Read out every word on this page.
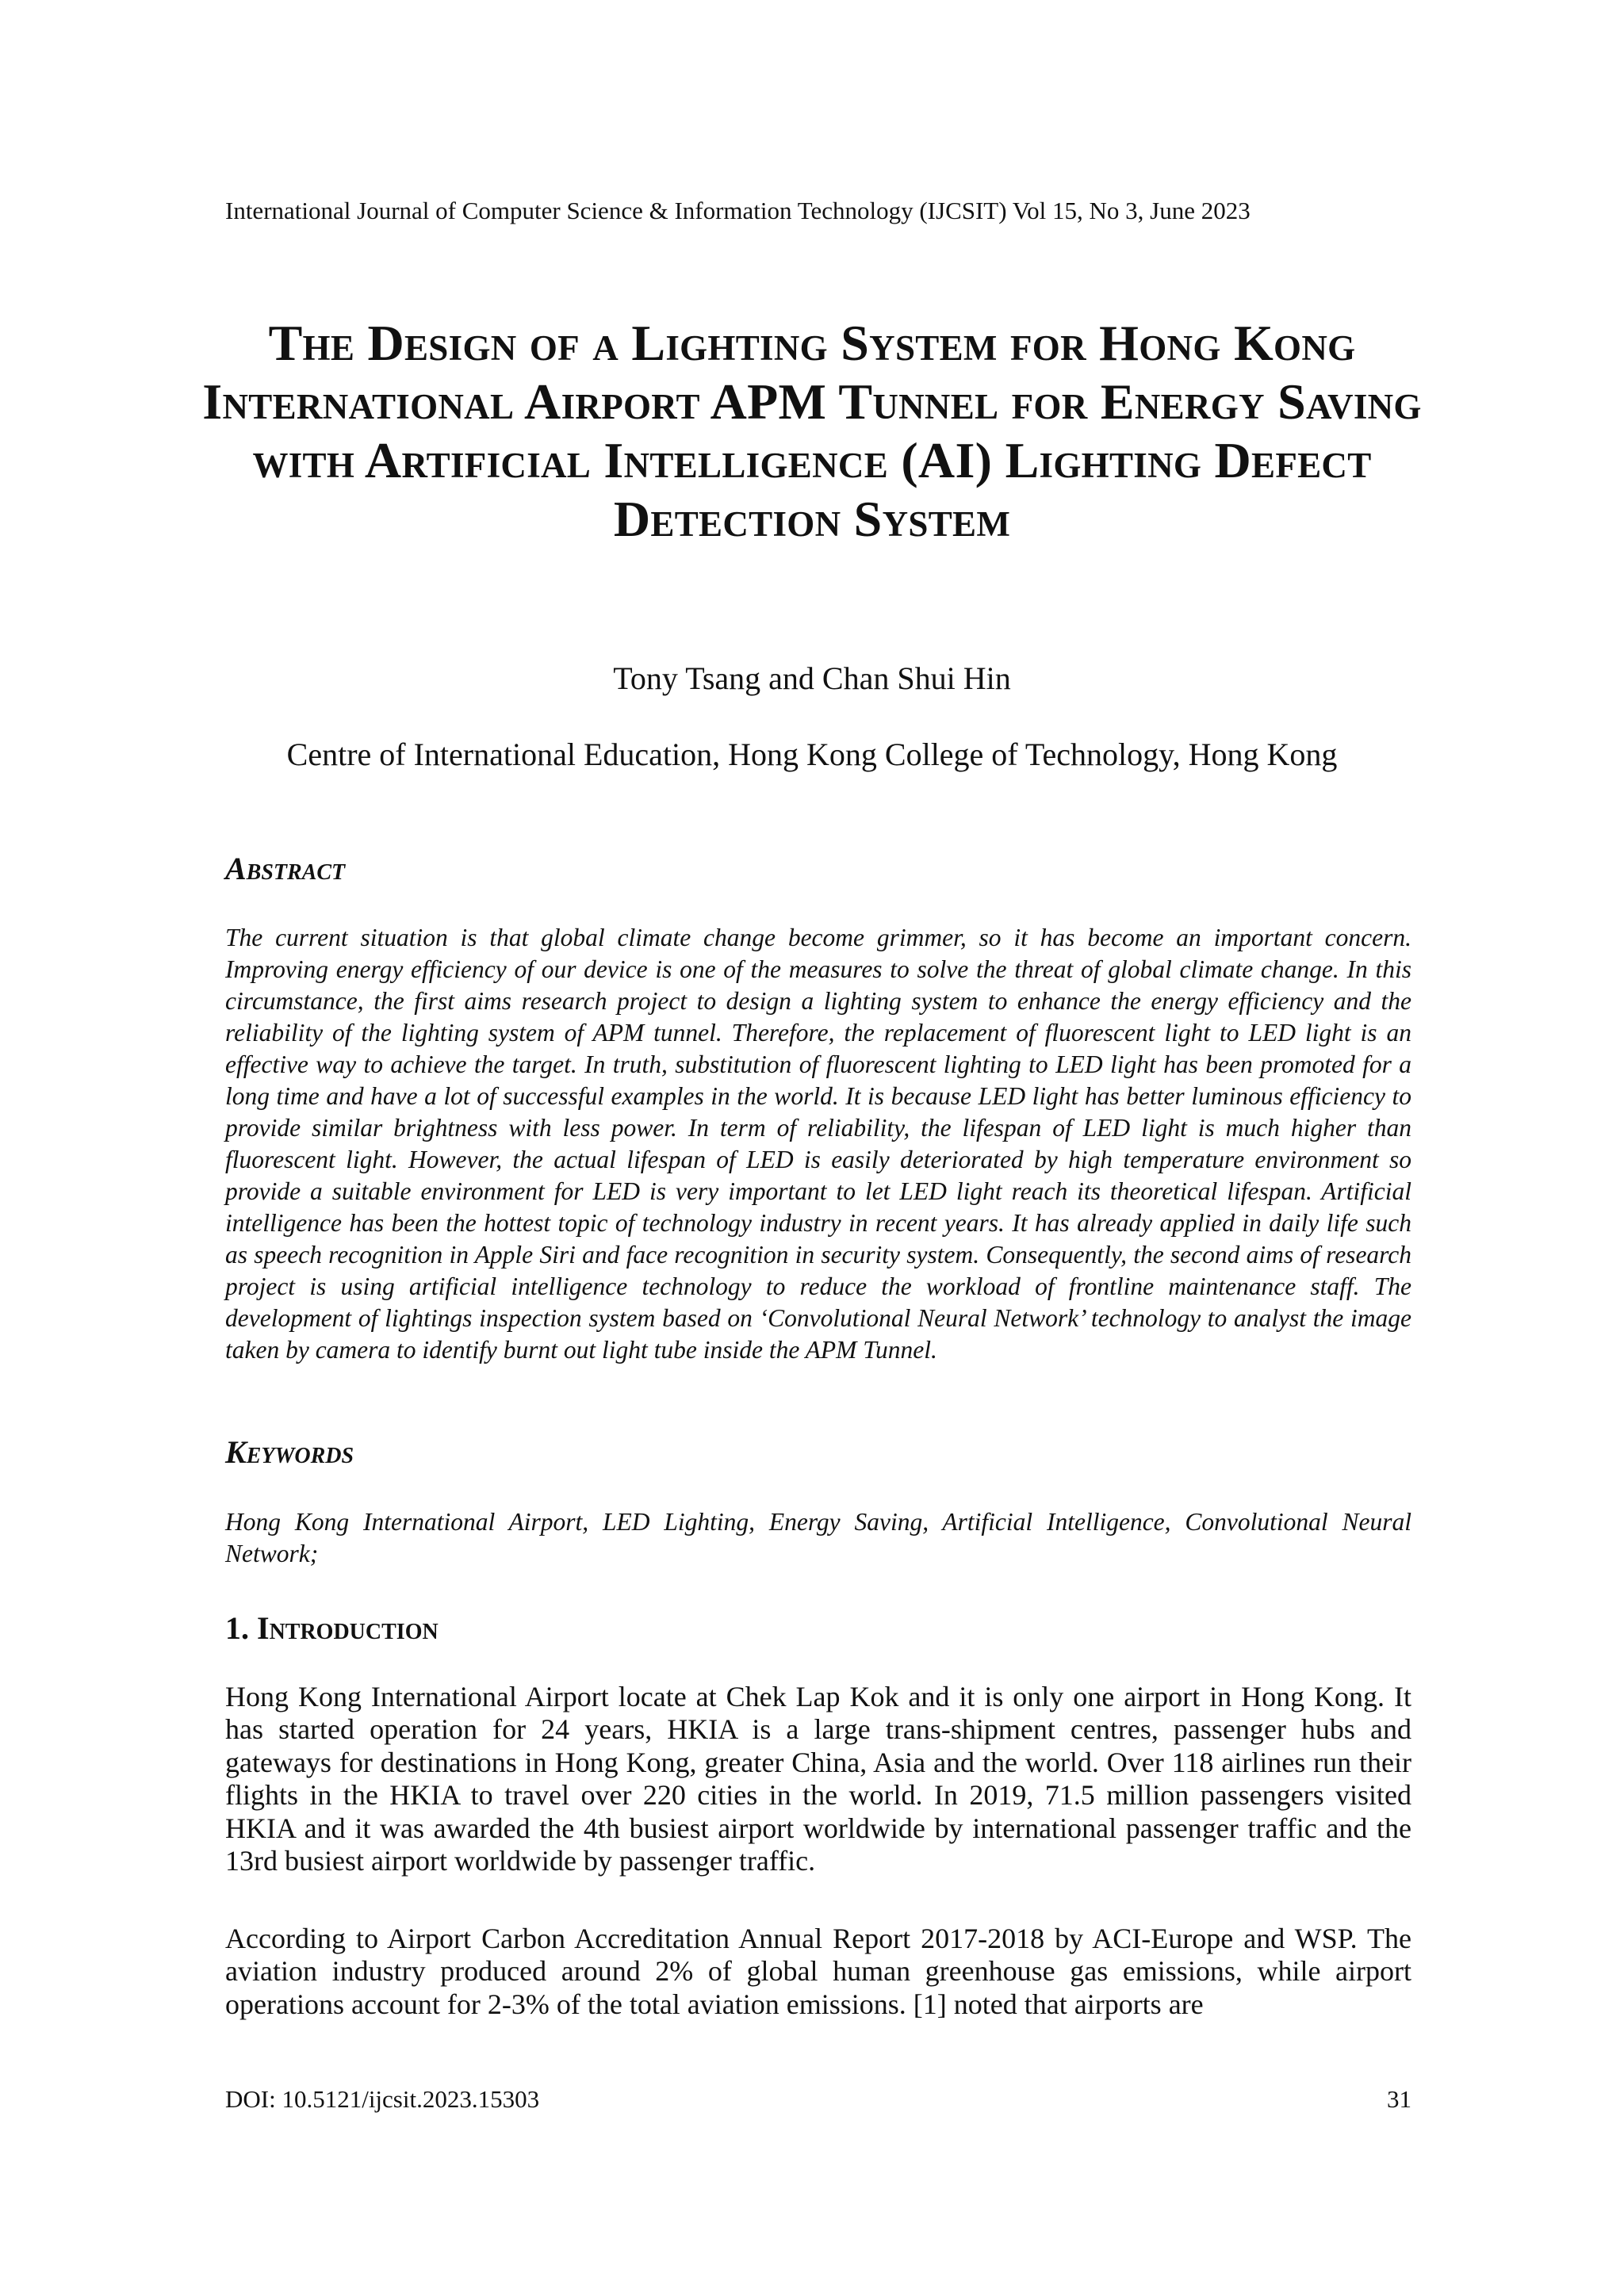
International Journal of Computer Science & Information Technology (IJCSIT) Vol 15, No 3, June 2023
The Design of a Lighting System for Hong Kong International Airport APM Tunnel for Energy Saving with Artificial Intelligence (AI) Lighting Defect Detection System
Tony Tsang and Chan Shui Hin
Centre of International Education, Hong Kong College of Technology, Hong Kong
Abstract
The current situation is that global climate change become grimmer, so it has become an important concern. Improving energy efficiency of our device is one of the measures to solve the threat of global climate change. In this circumstance, the first aims research project to design a lighting system to enhance the energy efficiency and the reliability of the lighting system of APM tunnel. Therefore, the replacement of fluorescent light to LED light is an effective way to achieve the target. In truth, substitution of fluorescent lighting to LED light has been promoted for a long time and have a lot of successful examples in the world. It is because LED light has better luminous efficiency to provide similar brightness with less power. In term of reliability, the lifespan of LED light is much higher than fluorescent light. However, the actual lifespan of LED is easily deteriorated by high temperature environment so provide a suitable environment for LED is very important to let LED light reach its theoretical lifespan. Artificial intelligence has been the hottest topic of technology industry in recent years. It has already applied in daily life such as speech recognition in Apple Siri and face recognition in security system. Consequently, the second aims of research project is using artificial intelligence technology to reduce the workload of frontline maintenance staff. The development of lightings inspection system based on ‘Convolutional Neural Network’ technology to analyst the image taken by camera to identify burnt out light tube inside the APM Tunnel.
Keywords
Hong Kong International Airport, LED Lighting, Energy Saving, Artificial Intelligence, Convolutional Neural Network;
1. Introduction
Hong Kong International Airport locate at Chek Lap Kok and it is only one airport in Hong Kong. It has started operation for 24 years, HKIA is a large trans-shipment centres, passenger hubs and gateways for destinations in Hong Kong, greater China, Asia and the world. Over 118 airlines run their flights in the HKIA to travel over 220 cities in the world. In 2019, 71.5 million passengers visited HKIA and it was awarded the 4th busiest airport worldwide by international passenger traffic and the 13rd busiest airport worldwide by passenger traffic.
According to Airport Carbon Accreditation Annual Report 2017-2018 by ACI-Europe and WSP. The aviation industry produced around 2% of global human greenhouse gas emissions, while airport operations account for 2-3% of the total aviation emissions. [1] noted that airports are
DOI: 10.5121/ijcsit.2023.15303	31
